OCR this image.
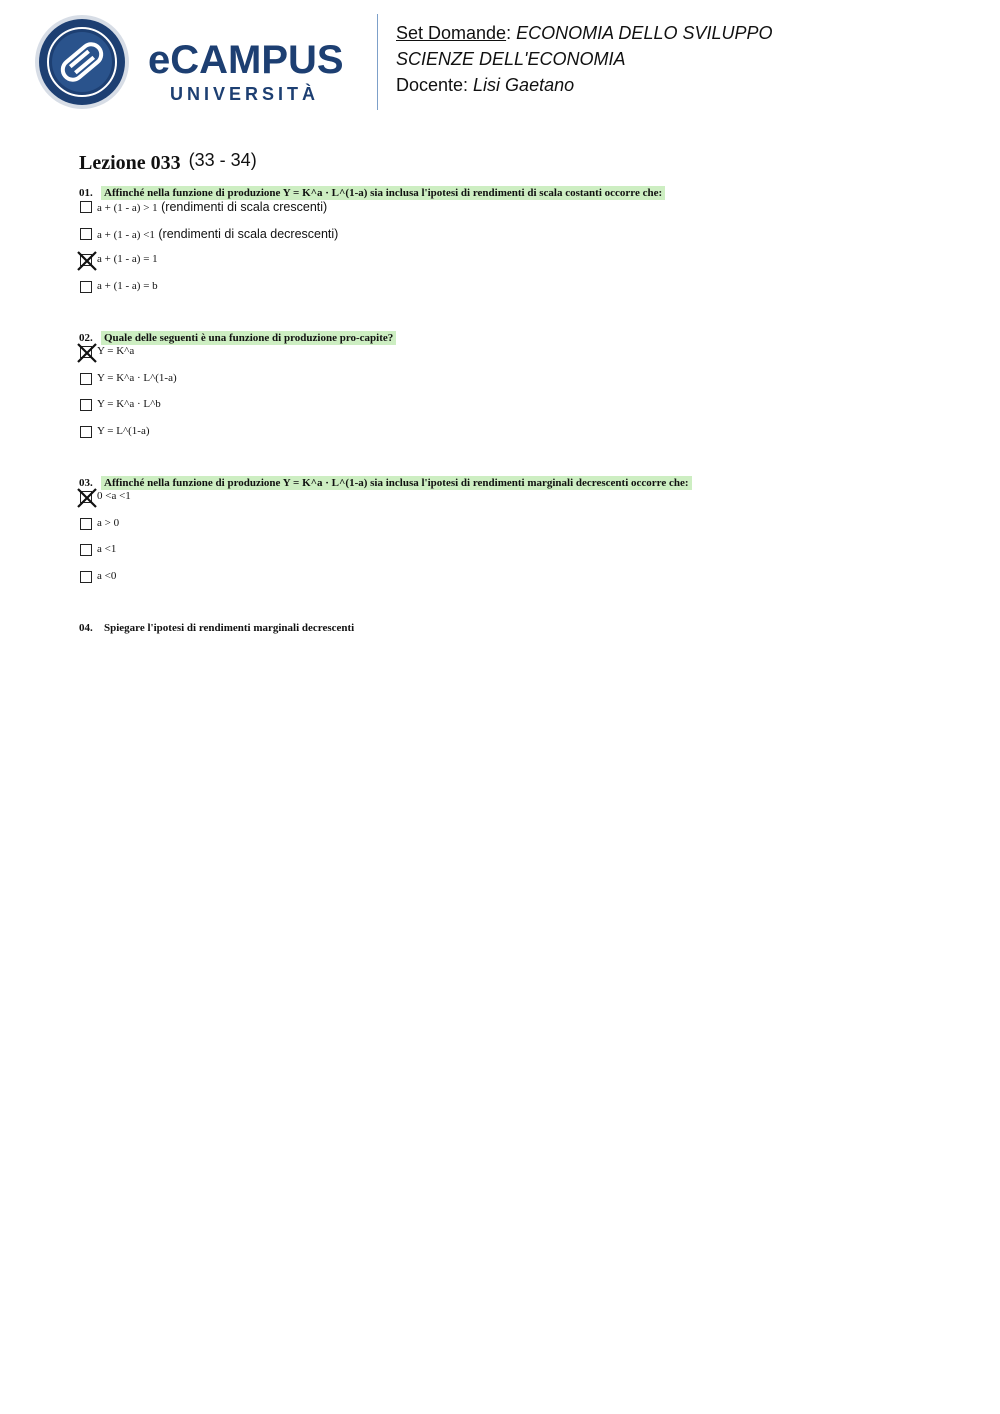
eCAMPUS
UNIVERSITÀ
Set Domande: ECONOMIA DELLO SVILUPPO
SCIENZE DELL'ECONOMIA
Docente: Lisi Gaetano
Lezione 033 (33 - 34)
01. Affinché nella funzione di produzione Y = K^a · L^(1-a) sia inclusa l'ipotesi di rendimenti di scala costanti occorre che:
a + (1 - a) > 1 (rendimenti di scala crescenti)
a + (1 - a) <1 (rendimenti di scala decrescenti)
a + (1 - a) = 1
a + (1 - a) = b
02. Quale delle seguenti è una funzione di produzione pro-capite?
Y = K^a
Y = K^a · L^(1-a)
Y = K^a · L^b
Y = L^(1-a)
03. Affinché nella funzione di produzione Y = K^a · L^(1-a) sia inclusa l'ipotesi di rendimenti marginali decrescenti occorre che:
0 <a <1
a > 0
a <1
a <0
04. Spiegare l'ipotesi di rendimenti marginali decrescenti
